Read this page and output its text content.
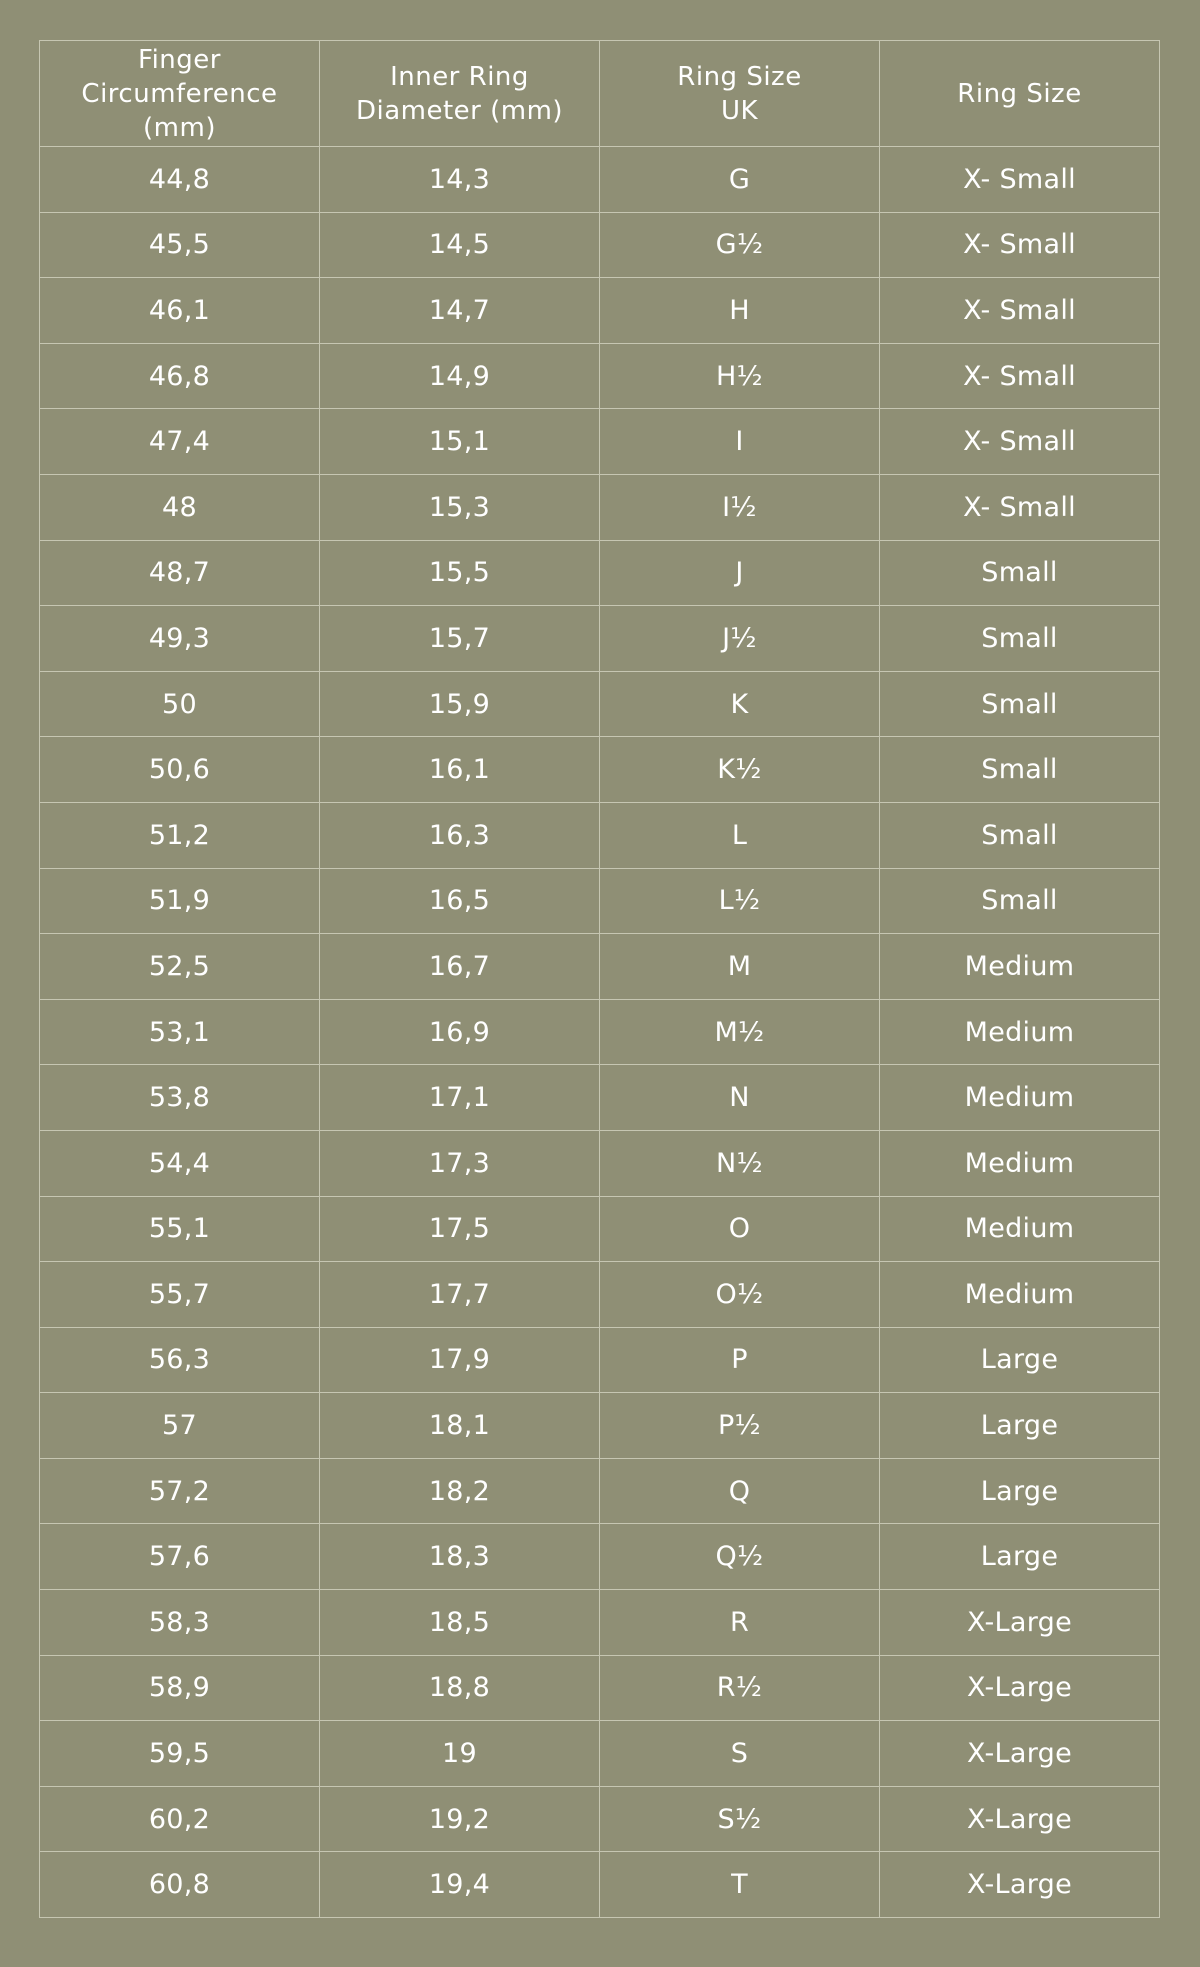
Finger Circumference (mm)	Inner Ring Diameter (mm)	Ring Size UK	Ring Size
44,8	14,3	G	X- Small
45,5	14,5	G½	X- Small
46,1	14,7	H	X- Small
46,8	14,9	H½	X- Small
47,4	15,1	I	X- Small
48	15,3	I½	X- Small
48,7	15,5	J	Small
49,3	15,7	J½	Small
50	15,9	K	Small
50,6	16,1	K½	Small
51,2	16,3	L	Small
51,9	16,5	L½	Small
52,5	16,7	M	Medium
53,1	16,9	M½	Medium
53,8	17,1	N	Medium
54,4	17,3	N½	Medium
55,1	17,5	O	Medium
55,7	17,7	O½	Medium
56,3	17,9	P	Large
57	18,1	P½	Large
57,2	18,2	Q	Large
57,6	18,3	Q½	Large
58,3	18,5	R	X-Large
58,9	18,8	R½	X-Large
59,5	19	S	X-Large
60,2	19,2	S½	X-Large
60,8	19,4	T	X-Large
